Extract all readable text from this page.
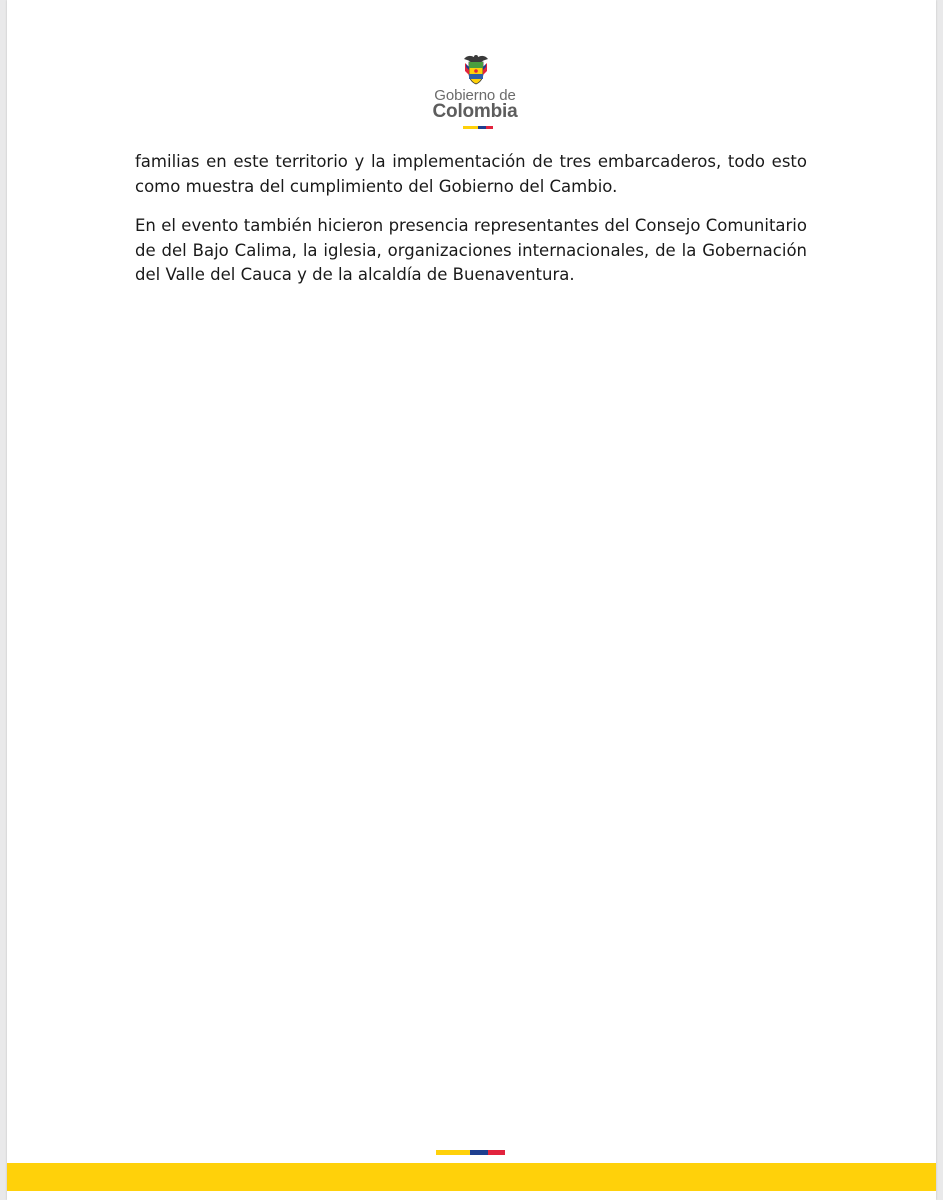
Gobierno de
Colombia

familias en este territorio y la implementación de tres embarcaderos, todo esto como muestra del cumplimiento del Gobierno del Cambio.

En el evento también hicieron presencia representantes del Consejo Comunitario de del Bajo Calima, la iglesia, organizaciones internacionales, de la Gobernación del Valle del Cauca y de la alcaldía de Buenaventura.
